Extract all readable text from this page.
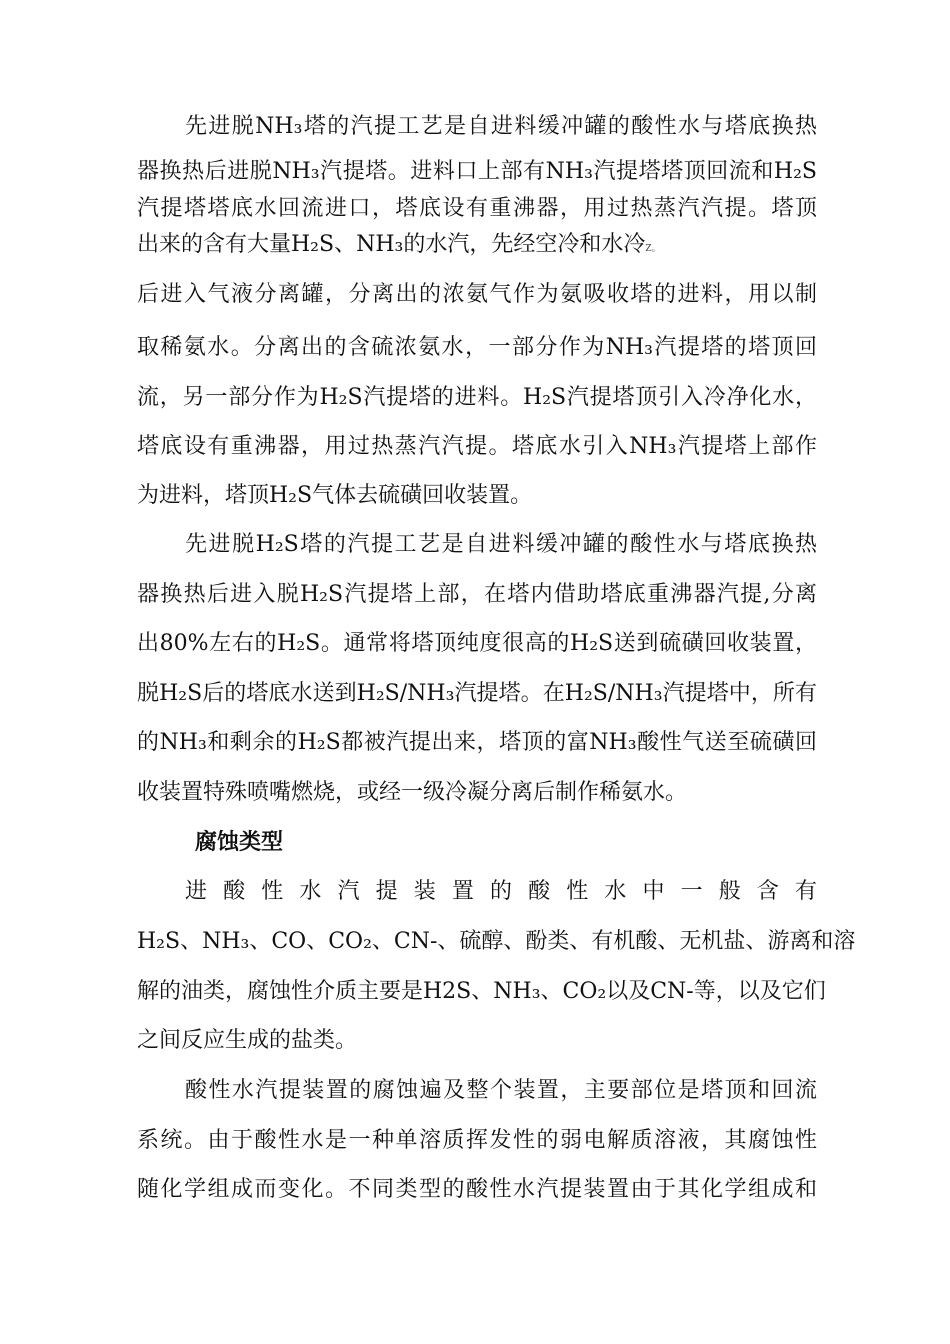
先进脱NH₃塔的汽提工艺是自进料缓冲罐的酸性水与塔底换热
器换热后进脱NH₃汽提塔。进料口上部有NH₃汽提塔塔顶回流和H₂S
汽提塔塔底水回流进口，塔底设有重沸器，用过热蒸汽汽提。塔顶
出来的含有大量H₂S、NH₃的水汽，先经空冷和水冷Z。
后进入气液分离罐，分离出的浓氨气作为氨吸收塔的进料，用以制
取稀氨水。分离出的含硫浓氨水，一部分作为NH₃汽提塔的塔顶回
流，另一部分作为H₂S汽提塔的进料。H₂S汽提塔顶引入冷净化水，
塔底设有重沸器，用过热蒸汽汽提。塔底水引入NH₃汽提塔上部作
为进料，塔顶H₂S气体去硫磺回收装置。
先进脱H₂S塔的汽提工艺是自进料缓冲罐的酸性水与塔底换热
器换热后进入脱H₂S汽提塔上部，在塔内借助塔底重沸器汽提,分离
出80%左右的H₂S。通常将塔顶纯度很高的H₂S送到硫磺回收装置，
脱H₂S后的塔底水送到H₂S/NH₃汽提塔。在H₂S/NH₃汽提塔中，所有
的NH₃和剩余的H₂S都被汽提出来，塔顶的富NH₃酸性气送至硫磺回
收装置特殊喷嘴燃烧，或经一级冷凝分离后制作稀氨水。
腐蚀类型
进酸性水汽提装置的酸性水中一般含有
H₂S、NH₃、CO、CO₂、CN-、硫醇、酚类、有机酸、无机盐、游离和溶
解的油类，腐蚀性介质主要是H2S、NH₃、CO₂以及CN-等，以及它们
之间反应生成的盐类。
酸性水汽提装置的腐蚀遍及整个装置，主要部位是塔顶和回流
系统。由于酸性水是一种单溶质挥发性的弱电解质溶液，其腐蚀性
随化学组成而变化。不同类型的酸性水汽提装置由于其化学组成和
